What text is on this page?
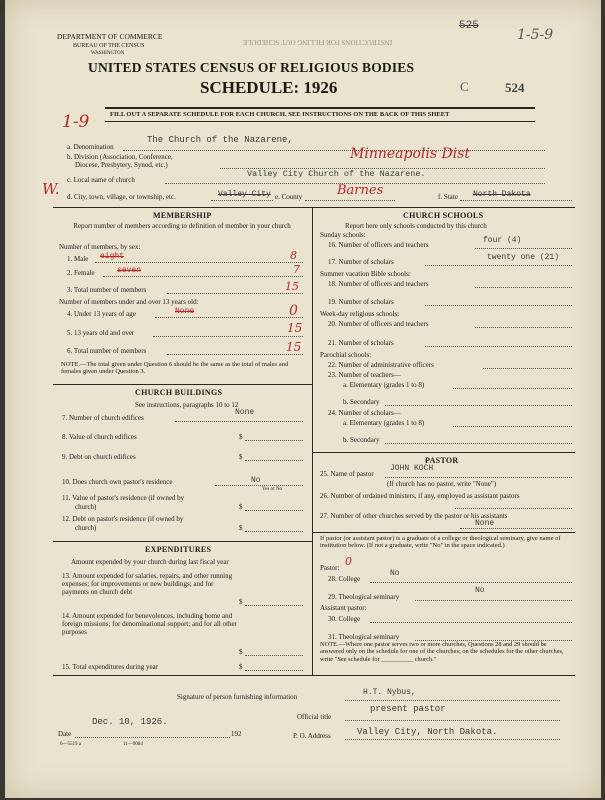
DEPARTMENT OF COMMERCE
BUREAU OF THE CENSUS
WASHINGTON
INSTRUCTIONS FOR FILLING OUT SCHEDULE
525
1-5-9
UNITED STATES CENSUS OF RELIGIOUS BODIES
SCHEDULE: 1926	C	524
1-9	FILL OUT A SEPARATE SCHEDULE FOR EACH CHURCH. SEE INSTRUCTIONS ON THE BACK OF THIS SHEET
a. Denomination
The Church of the Nazarene,
b. Division (Association, Conference,
Diocese, Presbytery, Synod, etc.)
Minneapolis Dist
c. Local name of church
Valley City Church of the Nazarene.
W. d. City, town, village, or township, etc.	Valley City e. County	Barnes	f. State North Dakota
MEMBERSHIP
Report number of members according to definition of member in your church
Number of members, by sex:
1. Male eight	8
2. Female	seven	7
3. Total number of members	15
Number of members under and over 13 years old:
4. Under 13 years of age	None	0
5. 13 years old and over	15
6. Total number of members	15
NOTE.—The total given under Question 6 should be the same as the total of males and females given under Question 3.
CHURCH BUILDINGS
See instructions, paragraphs 10 to 12
7. Number of church edifices
None
8. Value of church edifices	$
9. Debt on church edifices	$
10. Does church own pastor's residence	No
Yes or No
11. Value of pastor's residence (if owned by
church)	$
12. Debt on pastor's residence (if owned by
church)	$
EXPENDITURES
Amount expended by your church during last fiscal year
13. Amount expended for salaries, repairs, and other running expenses; for improvements or new buildings; and for payments on church debt
$
14. Amount expended for benevolences, including home and foreign missions; for denominational support; and for all other purposes
$
15. Total expenditures during year	$
CHURCH SCHOOLS
Report here only schools conducted by this church
Sunday schools:
16. Number of officers and teachers	four (4)
17. Number of scholars	twenty one (21)
Summer vacation Bible schools:
18. Number of officers and teachers
19. Number of scholars
Week-day religious schools:
20. Number of officers and teachers
21. Number of scholars
Parochial schools:
22. Number of administrative officers
23. Number of teachers—
a. Elementary (grades 1 to 8)
b. Secondary
24. Number of scholars—
a. Elementary (grades 1 to 8)
b. Secondary
PASTOR
25. Name of pastor
JOHN KOCH
(If church has no pastor, write "None")
26. Number of ordained ministers, if any, employed as assistant pastors
27. Number of other churches served by the pastor or his assistants
None
If pastor (or assistant pastor) is a graduate of a college or theological seminary, give name of institution below. (If not a graduate, write "No" in the space indicated.)
Pastor: 0
28. College
No
29. Theological seminary
No
Assistant pastor:
30. College
31. Theological seminary
NOTE.—Where one pastor serves two or more churches, Questions 28 and 29 should be answered only on the schedule for one of the churches; on the schedules for the other churches, write "See schedule for __________ church."
Signature of person furnishing information	H.T. Nybus,
Official title
present pastor
Dec. 10, 1926.
Date	192	P. O. Address	Valley City, North Dakota.
6—5519 a	11—9084
